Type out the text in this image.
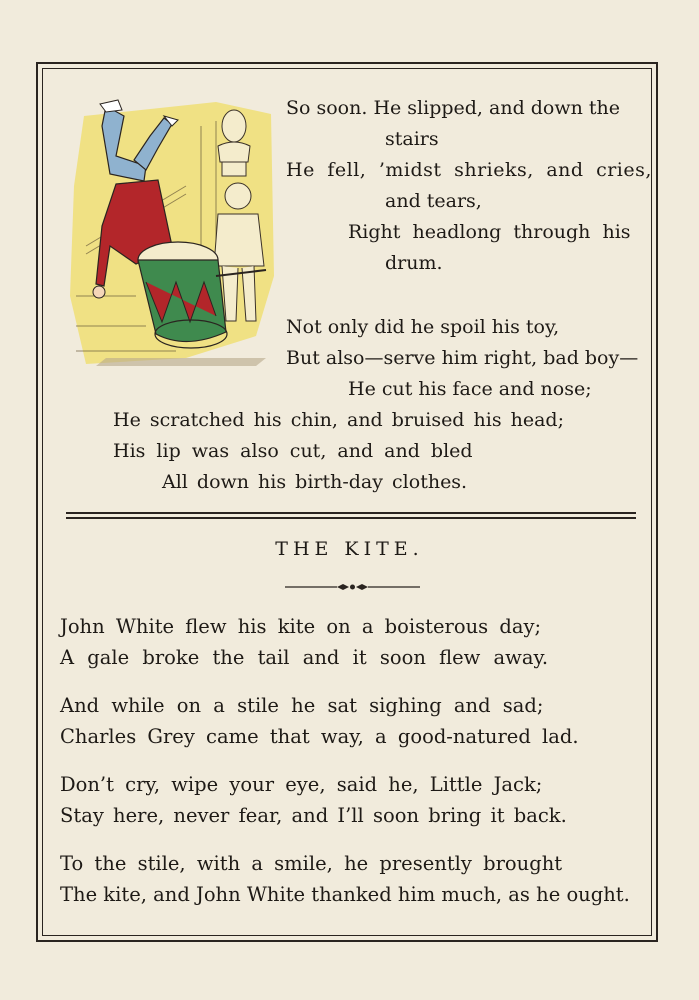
So soon. He slipped, and down the
stairs
He fell, ’midst shrieks, and cries,
and tears,
Right headlong through his
drum.
Not only did he spoil his toy,
But also—serve him right, bad boy—
He cut his face and nose;
He scratched his chin, and bruised his head;
His lip was also cut, and and bled
All down his birth-day clothes.
THE KITE.
John White flew his kite on a boisterous day;
A gale broke the tail and it soon flew away.
And while on a stile he sat sighing and sad;
Charles Grey came that way, a good-natured lad.
Don’t cry, wipe your eye, said he, Little Jack;
Stay here, never fear, and I’ll soon bring it back.
To the stile, with a smile, he presently brought
The kite, and John White thanked him much, as he ought.
